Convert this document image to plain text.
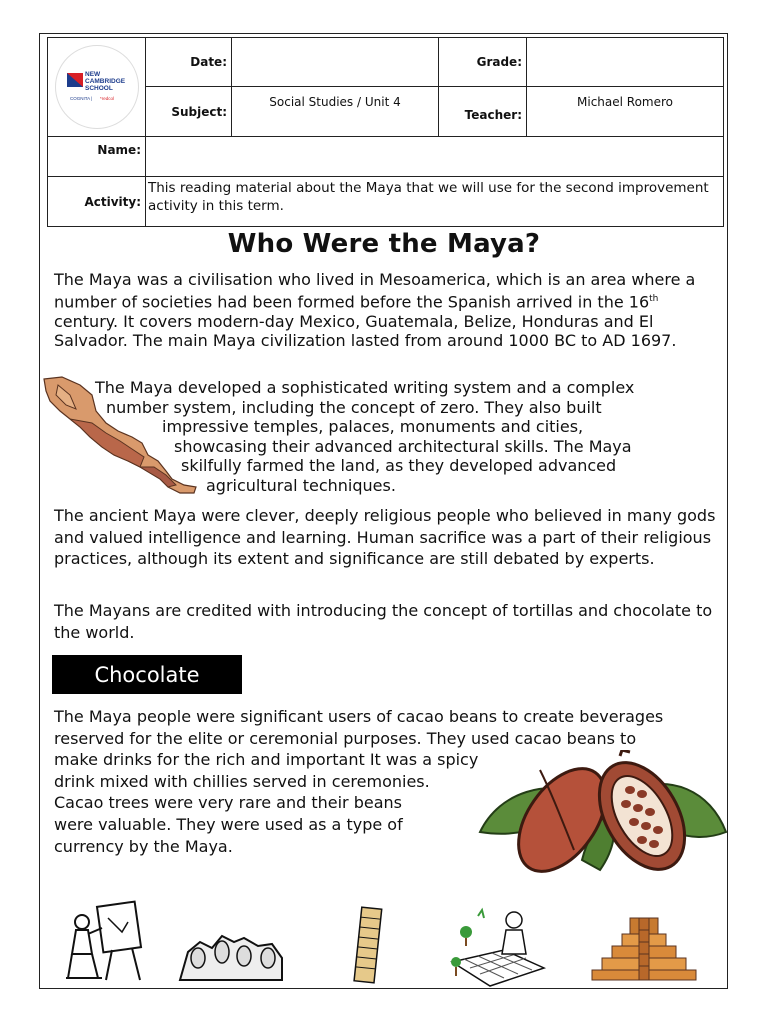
NEW
CAMBRIDGE
SCHOOL
COGNITA | *redcol	Date:		Grade:	
	Subject:	Social Studies / Unit 4	Teacher:	Michael Romero
Name:				
Activity:	This reading material about the Maya that we will use for the second improvement activity in this term.			
Who Were the Maya?

The Maya was a civilisation who lived in Mesoamerica, which is an area where a number of societies had been formed before the Spanish arrived in the 16th century. It covers modern-day Mexico, Guatemala, Belize, Honduras and El Salvador. The main Maya civilization lasted from around 1000 BC to AD 1697.

The Maya developed a sophisticated writing system and a complex
number system, including the concept of zero. They also built
impressive temples, palaces, monuments and cities,
showcasing their advanced architectural skills. The Maya
skilfully farmed the land, as they developed advanced
agricultural techniques.

The ancient Maya were clever, deeply religious people who believed in many gods and valued intelligence and learning. Human sacrifice was a part of their religious practices, although its extent and significance are still debated by experts.

The Mayans are credited with introducing the concept of tortillas and chocolate to the world.

Chocolate
The Maya people were significant users of cacao beans to create beverages
reserved for the elite or ceremonial purposes. They used cacao beans to
make drinks for the rich and important It was a spicy
drink mixed with chillies served in ceremonies.
Cacao trees were very rare and their beans
were valuable. They were used as a type of
currency by the Maya.
